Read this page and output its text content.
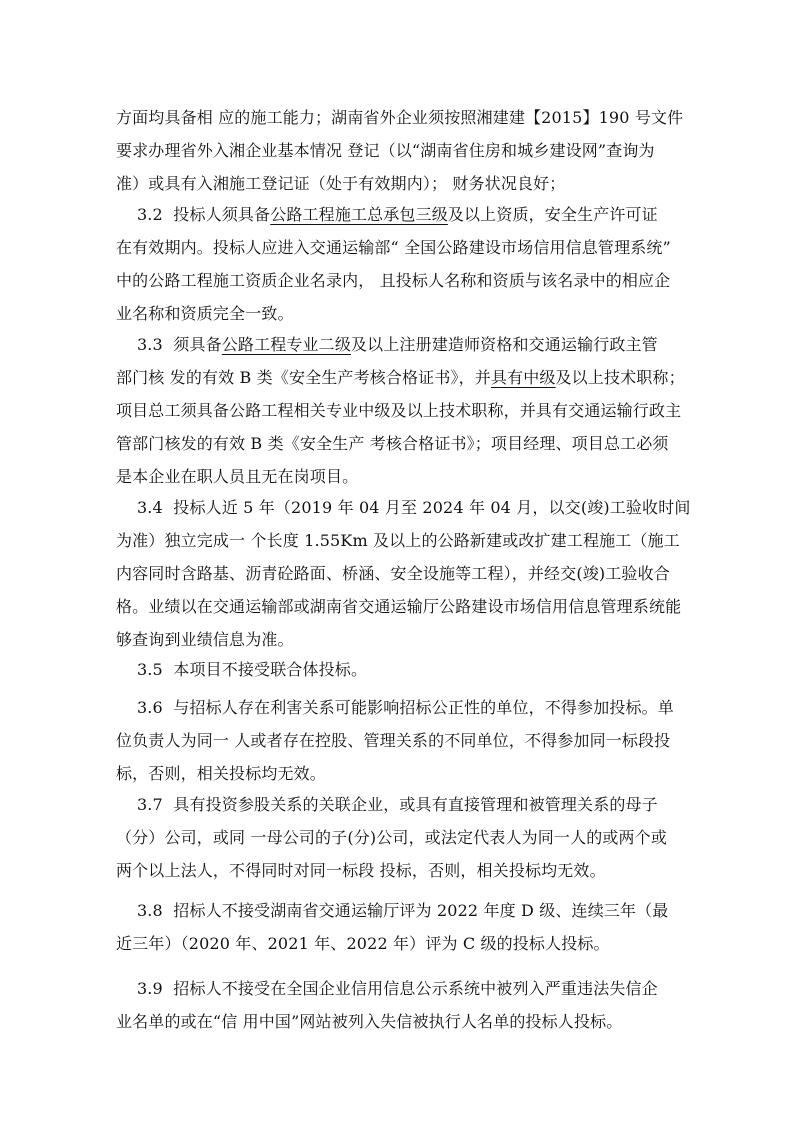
方面均具备相 应的施工能力；湖南省外企业须按照湘建建【2015】190 号文件
要求办理省外入湘企业基本情况 登记（以“湖南省住房和城乡建设网”查询为
准）或具有入湘施工登记证（处于有效期内）； 财务状况良好；
3.2  投标人须具备公路工程施工总承包三级及以上资质，安全生产许可证
在有效期内。投标人应进入交通运输部“ 全国公路建设市场信用信息管理系统”
中的公路工程施工资质企业名录内， 且投标人名称和资质与该名录中的相应企
业名称和资质完全一致。
3.3  须具备公路工程专业二级及以上注册建造师资格和交通运输行政主管
部门核 发的有效 B 类《安全生产考核合格证书》，并具有中级及以上技术职称；
项目总工须具备公路工程相关专业中级及以上技术职称，并具有交通运输行政主
管部门核发的有效 B 类《安全生产 考核合格证书》；项目经理、项目总工必须
是本企业在职人员且无在岗项目。
3.4  投标人近 5 年（2019 年 04 月至 2024 年 04 月，以交(竣)工验收时间
为准）独立完成一 个长度 1.55Km 及以上的公路新建或改扩建工程施工（施工
内容同时含路基、沥青砼路面、桥涵、安全设施等工程），并经交(竣)工验收合
格。业绩以在交通运输部或湖南省交通运输厅公路建设市场信用信息管理系统能
够查询到业绩信息为准。
3.5  本项目不接受联合体投标。
3.6  与招标人存在利害关系可能影响招标公正性的单位，不得参加投标。单
位负责人为同一 人或者存在控股、管理关系的不同单位，不得参加同一标段投
标，否则，相关投标均无效。
3.7  具有投资参股关系的关联企业，或具有直接管理和被管理关系的母子
（分）公司，或同 一母公司的子(分)公司，或法定代表人为同一人的或两个或
两个以上法人，不得同时对同一标段 投标，否则，相关投标均无效。
3.8  招标人不接受湖南省交通运输厅评为 2022 年度 D 级、连续三年（最
近三年）（2020 年、2021 年、2022 年）评为 C 级的投标人投标。
3.9  招标人不接受在全国企业信用信息公示系统中被列入严重违法失信企
业名单的或在“信 用中国”网站被列入失信被执行人名单的投标人投标。
